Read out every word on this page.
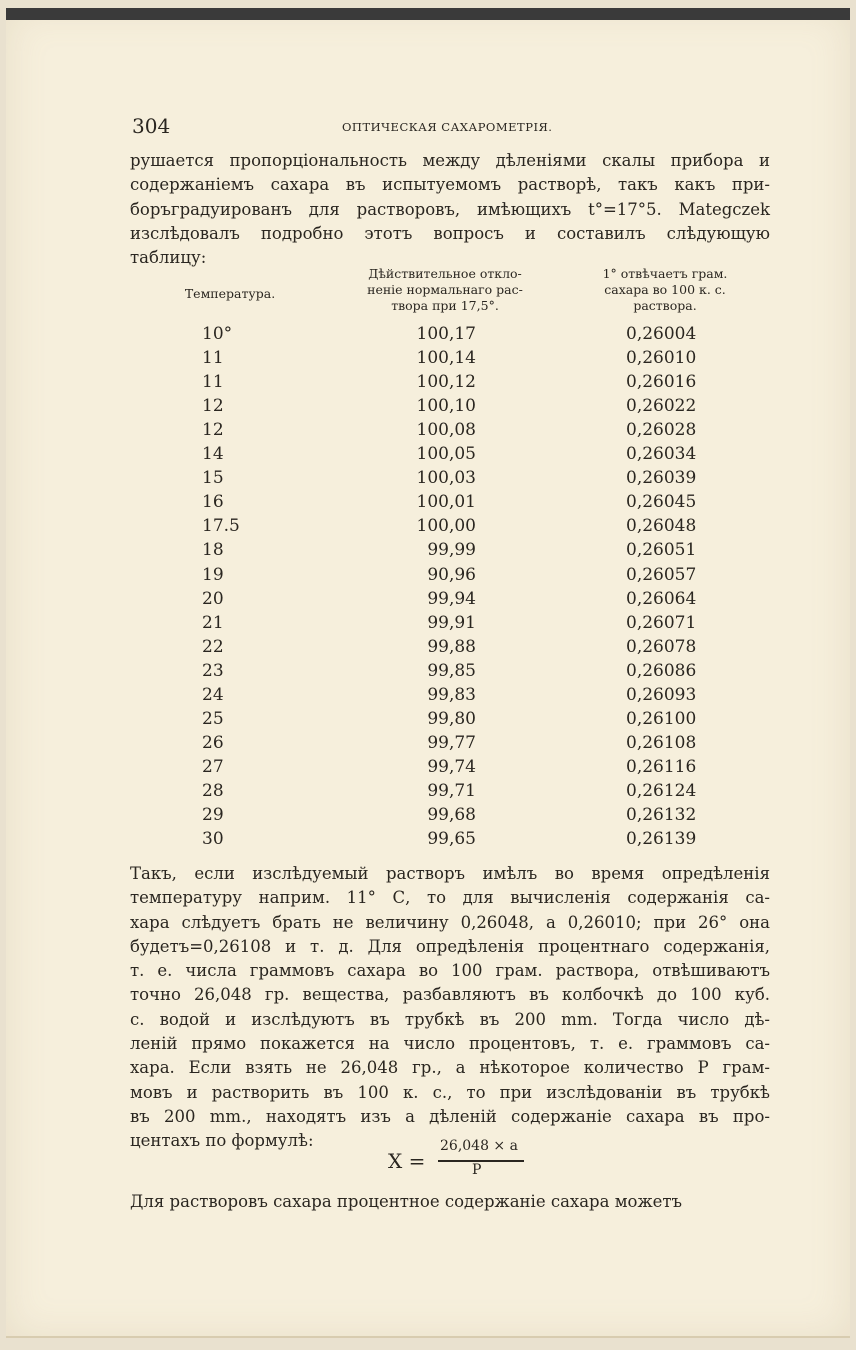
304	ОПТИЧЕСКАЯ САХАРОМЕТРІЯ.
рушается пропорціональность между дѣленіями скалы прибора и
содержаніемъ сахара въ испытуемомъ растворѣ, такъ какъ при-
боръградуированъ для растворовъ, имѣющихъ t°=17°5. Mategczek
изслѣдовалъ подробно этотъ вопросъ и составилъ слѣдующую
таблицу:
Температура.
Дѣйствительное откло-
неніе нормальнаго рас-
твора при 17,5°.
1° отвѣчаетъ грам.
сахара во 100 к. с.
раствора.
10°	100,17	0,26004
11	100,14	0,26010
11	100,12	0,26016
12	100,10	0,26022
12	100,08	0,26028
14	100,05	0,26034
15	100,03	0,26039
16	100,01	0,26045
17.5	100,00	0,26048
18	99,99	0,26051
19	90,96	0,26057
20	99,94	0,26064
21	99,91	0,26071
22	99,88	0,26078
23	99,85	0,26086
24	99,83	0,26093
25	99,80	0,26100
26	99,77	0,26108
27	99,74	0,26116
28	99,71	0,26124
29	99,68	0,26132
30	99,65	0,26139
Такъ, если изслѣдуемый растворъ имѣлъ во время опредѣленія
температуру наприм. 11° С, то для вычисленія содержанія са-
хара слѣдуетъ брать не величину 0,26048, а 0,26010; при 26° она
будетъ=0,26108 и т. д. Для опредѣленія процентнаго содержанія,
т. е. числа граммовъ сахара во 100 грам. раствора, отвѣшиваютъ
точно 26,048 гр. вещества, разбавляютъ въ колбочкѣ до 100 куб.
с. водой и изслѣдуютъ въ трубкѣ въ 200 mm. Тогда число дѣ-
леній прямо покажется на число процентовъ, т. е. граммовъ са-
хара. Если взять не 26,048 гр., а нѣкоторое количество Р грам-
мовъ и растворить въ 100 к. с., то при изслѣдованіи въ трубкѣ
въ 200 mm., находятъ изъ а дѣленій содержаніе сахара въ про-
центахъ по формулѣ:
X =
26,048 × a
P
Для растворовъ сахара процентное содержаніе сахара можетъ
